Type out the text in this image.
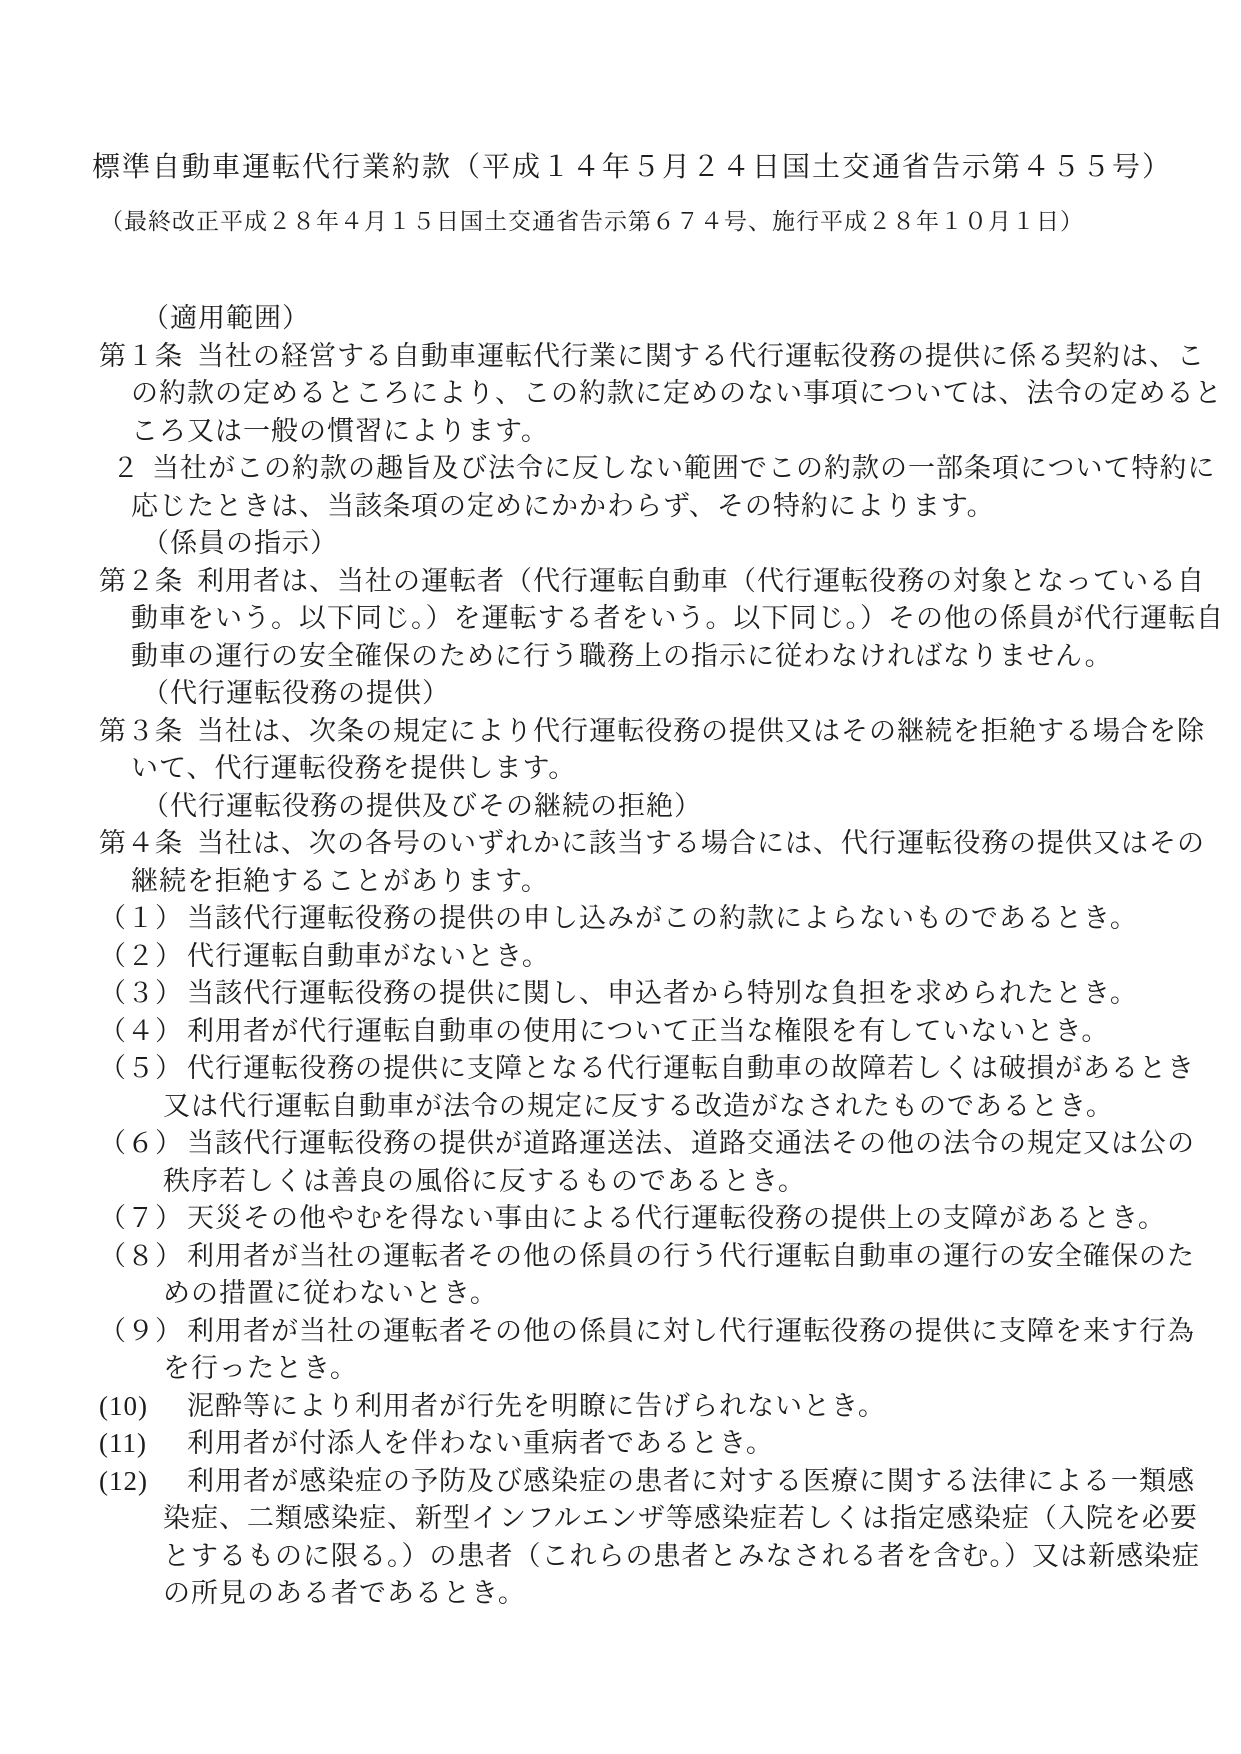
標準自動車運転代行業約款（平成１４年５月２４日国土交通省告示第４５５号）
（最終改正平成２８年４月１５日国土交通省告示第６７４号、施行平成２８年１０月１日）
（適用範囲）
第１条 当社の経営する自動車運転代行業に関する代行運転役務の提供に係る契約は、こ
の約款の定めるところにより、この約款に定めのない事項については、法令の定めると
ころ又は一般の慣習によります。
２ 当社がこの約款の趣旨及び法令に反しない範囲でこの約款の一部条項について特約に
応じたときは、当該条項の定めにかかわらず、その特約によります。
（係員の指示）
第２条 利用者は、当社の運転者（代行運転自動車（代行運転役務の対象となっている自
動車をいう。以下同じ。）を運転する者をいう。以下同じ。）その他の係員が代行運転自
動車の運行の安全確保のために行う職務上の指示に従わなければなりません。
（代行運転役務の提供）
第３条 当社は、次条の規定により代行運転役務の提供又はその継続を拒絶する場合を除
いて、代行運転役務を提供します。
（代行運転役務の提供及びその継続の拒絶）
第４条 当社は、次の各号のいずれかに該当する場合には、代行運転役務の提供又はその
継続を拒絶することがあります。
（１） 当該代行運転役務の提供の申し込みがこの約款によらないものであるとき。
（２） 代行運転自動車がないとき。
（３） 当該代行運転役務の提供に関し、申込者から特別な負担を求められたとき。
（４） 利用者が代行運転自動車の使用について正当な権限を有していないとき。
（５） 代行運転役務の提供に支障となる代行運転自動車の故障若しくは破損があるとき
又は代行運転自動車が法令の規定に反する改造がなされたものであるとき。
（６） 当該代行運転役務の提供が道路運送法、道路交通法その他の法令の規定又は公の
秩序若しくは善良の風俗に反するものであるとき。
（７） 天災その他やむを得ない事由による代行運転役務の提供上の支障があるとき。
（８） 利用者が当社の運転者その他の係員の行う代行運転自動車の運行の安全確保のた
めの措置に従わないとき。
（９） 利用者が当社の運転者その他の係員に対し代行運転役務の提供に支障を来す行為
を行ったとき。
(10) 泥酔等により利用者が行先を明瞭に告げられないとき。
(11) 利用者が付添人を伴わない重病者であるとき。
(12) 利用者が感染症の予防及び感染症の患者に対する医療に関する法律による一類感
染症、二類感染症、新型インフルエンザ等感染症若しくは指定感染症（入院を必要
とするものに限る。）の患者（これらの患者とみなされる者を含む。）又は新感染症
の所見のある者であるとき。
